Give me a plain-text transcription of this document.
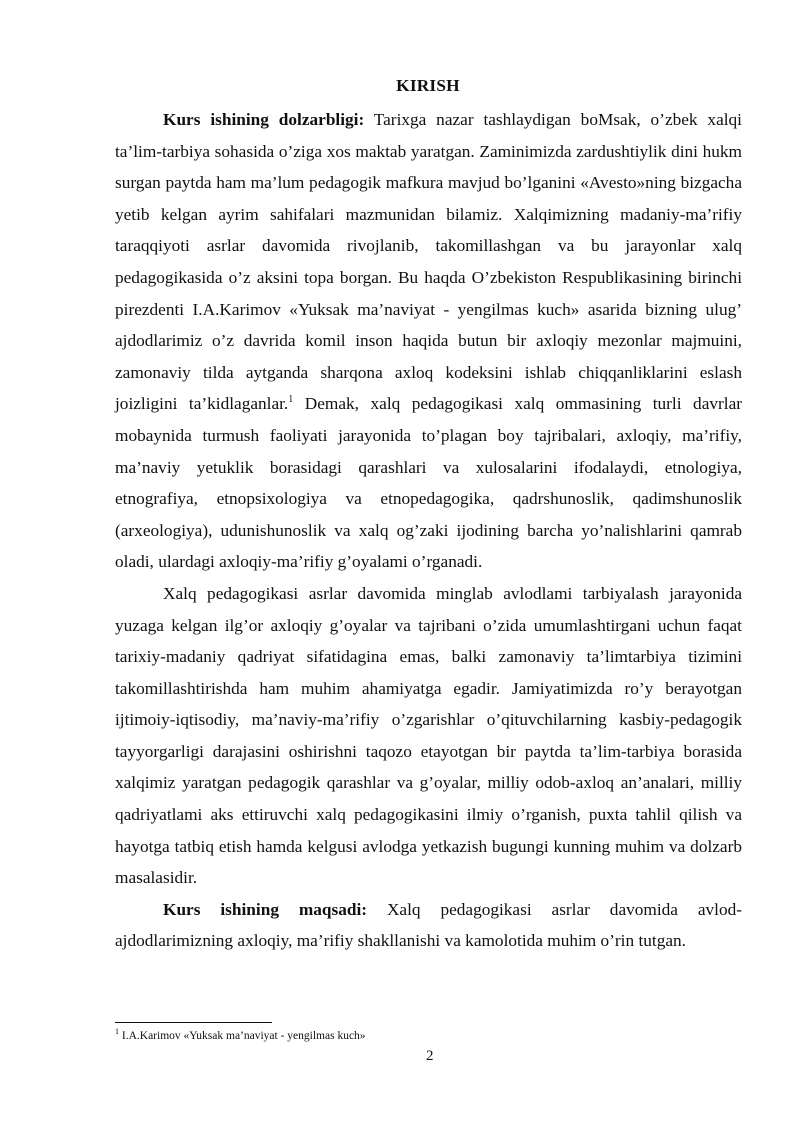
KIRISH

Kurs ishining dolzarbligi: Tarixga nazar tashlaydigan boMsak, o’zbek xalqi ta’lim-tarbiya sohasida o’ziga xos maktab yaratgan. Zaminimizda zardushtiylik dini hukm surgan paytda ham ma’lum pedagogik mafkura mavjud bo’lganini «Avesto»ning bizgacha yetib kelgan ayrim sahifalari mazmunidan bilamiz. Xalqimizning madaniy-ma’rifiy taraqqiyoti asrlar davomida rivojlanib, takomillashgan va bu jarayonlar xalq pedagogikasida o’z aksini topa borgan. Bu haqda O’zbekiston Respublikasining birinchi pirezdenti I.A.Karimov «Yuksak ma’naviyat - yengilmas kuch» asarida bizning ulug’ ajdodlarimiz o’z davrida komil inson haqida butun bir axloqiy mezonlar majmuini, zamonaviy tilda aytganda sharqona axloq kodeksini ishlab chiqqanliklarini eslash joizligini ta’kidlaganlar.$^1$ Demak, xalq pedagogikasi xalq ommasining turli davrlar mobaynida turmush faoliyati jarayonida to’plagan boy tajribalari, axloqiy, ma’rifiy, ma’naviy yetuklik borasidagi qarashlari va xulosalarini ifodalaydi, etnologiya, etnografiya, etnopsixologiya va etnopedagogika, qadrshunoslik, qadimshunoslik (arxeologiya), udunishunoslik va xalq og’zaki ijodining barcha yo’nalishlarini qamrab oladi, ulardagi axloqiy-ma’rifiy g’oyalami o’rganadi.

Xalq pedagogikasi asrlar davomida minglab avlodlami tarbiyalash jarayonida yuzaga kelgan ilg’or axloqiy g’oyalar va tajribani o’zida umumlashtirgani uchun faqat tarixiy-madaniy qadriyat sifatidagina emas, balki zamonaviy ta’limtarbiya tizimini takomillashtirishda ham muhim ahamiyatga egadir. Jamiyatimizda ro’y berayotgan ijtimoiy-iqtisodiy, ma’naviy-ma’rifiy o’zgarishlar o’qituvchilarning kasbiy-pedagogik tayyorgarligi darajasini oshirishni taqozo etayotgan bir paytda ta’lim-tarbiya borasida xalqimiz yaratgan pedagogik qarashlar va g’oyalar, milliy odob-axloq an’analari, milliy qadriyatlami aks ettiruvchi xalq pedagogikasini ilmiy o’rganish, puxta tahlil qilish va hayotga tatbiq etish hamda kelgusi avlodga yetkazish bugungi kunning muhim va dolzarb masalasidir.

Kurs ishining maqsadi: Xalq pedagogikasi asrlar davomida avlod-ajdodlarimizning axloqiy, ma’rifiy shakllanishi va kamolotida muhim o’rin tutgan.

$^1$ I.A.Karimov «Yuksak ma’naviyat - yengilmas kuch»
2
